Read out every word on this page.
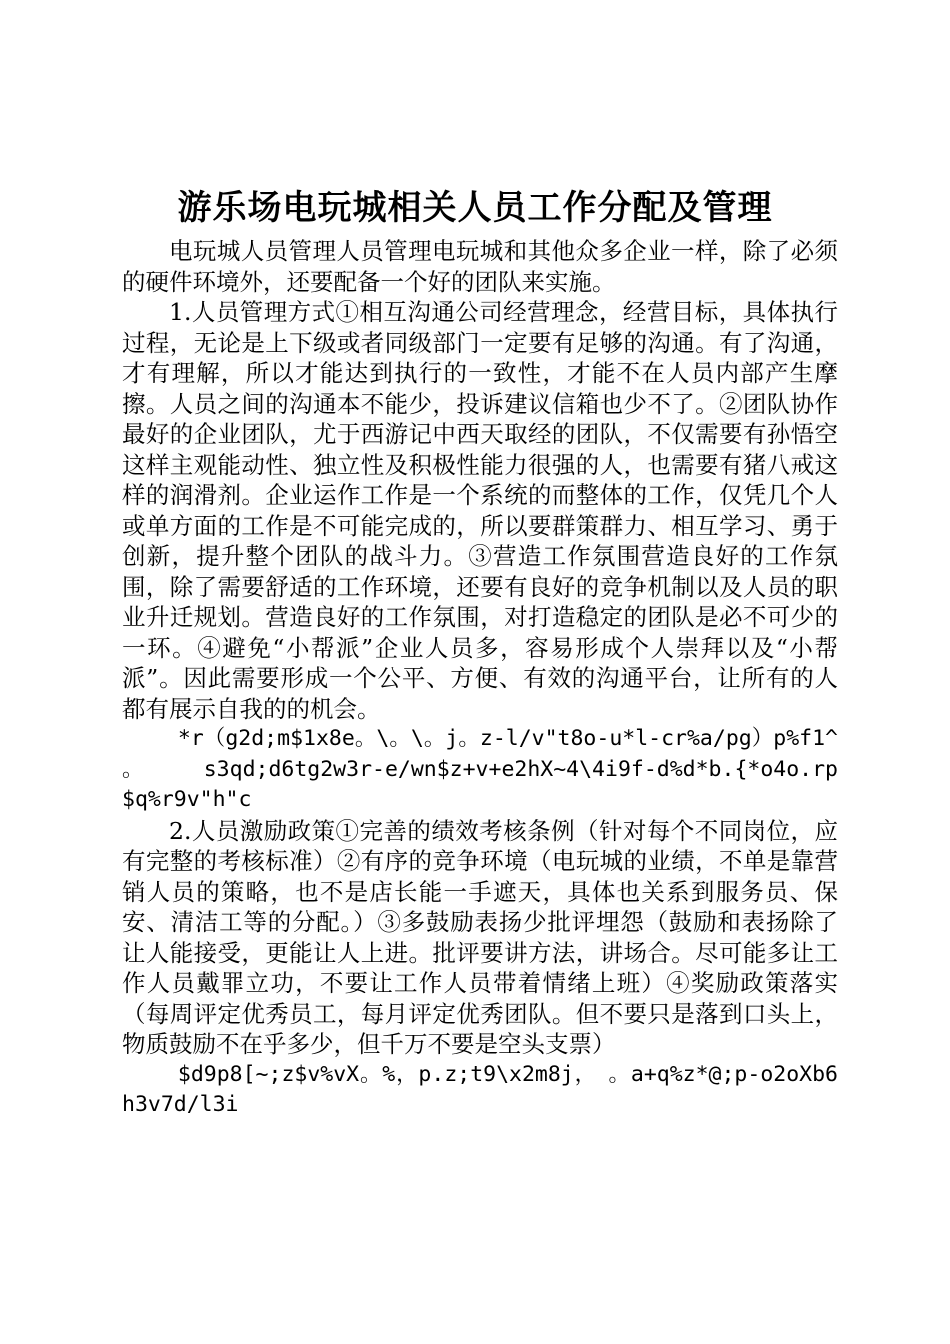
游乐场电玩城相关人员工作分配及管理

电玩城人员管理人员管理电玩城和其他众多企业一样，除了必须的硬件环境外，还要配备一个好的团队来实施。

1.人员管理方式①相互沟通公司经营理念，经营目标，具体执行过程，无论是上下级或者同级部门一定要有足够的沟通。有了沟通，才有理解，所以才能达到执行的一致性，才能不在人员内部产生摩擦。人员之间的沟通本不能少，投诉建议信箱也少不了。②团队协作最好的企业团队，尤于西游记中西天取经的团队，不仅需要有孙悟空这样主观能动性、独立性及积极性能力很强的人，也需要有猪八戒这样的润滑剂。企业运作工作是一个系统的而整体的工作，仅凭几个人或单方面的工作是不可能完成的，所以要群策群力、相互学习、勇于创新，提升整个团队的战斗力。③营造工作氛围营造良好的工作氛围，除了需要舒适的工作环境，还要有良好的竞争机制以及人员的职业升迁规划。营造良好的工作氛围，对打造稳定的团队是必不可少的一环。④避免“小帮派”企业人员多，容易形成个人崇拜以及“小帮派”。因此需要形成一个公平、方便、有效的沟通平台，让所有的人都有展示自我的的机会。

*r（g2d;m$1x8e。\。\。j。z-l/v"t8o-u*l-cr%a/pg）p%f1^　　。　　s3qd;d6tg2w3r-e/wn$z+v+e2hX~4\4i9f-d%d*b.{*o4o.rp$q%r9v"h"c

2.人员激励政策①完善的绩效考核条例（针对每个不同岗位，应有完整的考核标准）②有序的竞争环境（电玩城的业绩，不单是靠营销人员的策略，也不是店长能一手遮天，具体也关系到服务员、保安、清洁工等的分配。）③多鼓励表扬少批评埋怨（鼓励和表扬除了让人能接受，更能让人上进。批评要讲方法，讲场合。尽可能多让工作人员戴罪立功，不要让工作人员带着情绪上班）④奖励政策落实（每周评定优秀员工，每月评定优秀团队。但不要只是落到口头上，物质鼓励不在乎多少，但千万不要是空头支票）

$d9p8[~;z$v%vX。%，p.z;t9\x2m8j，　。a+q%z*@;p-o2oXb6h3v7d/l3i
